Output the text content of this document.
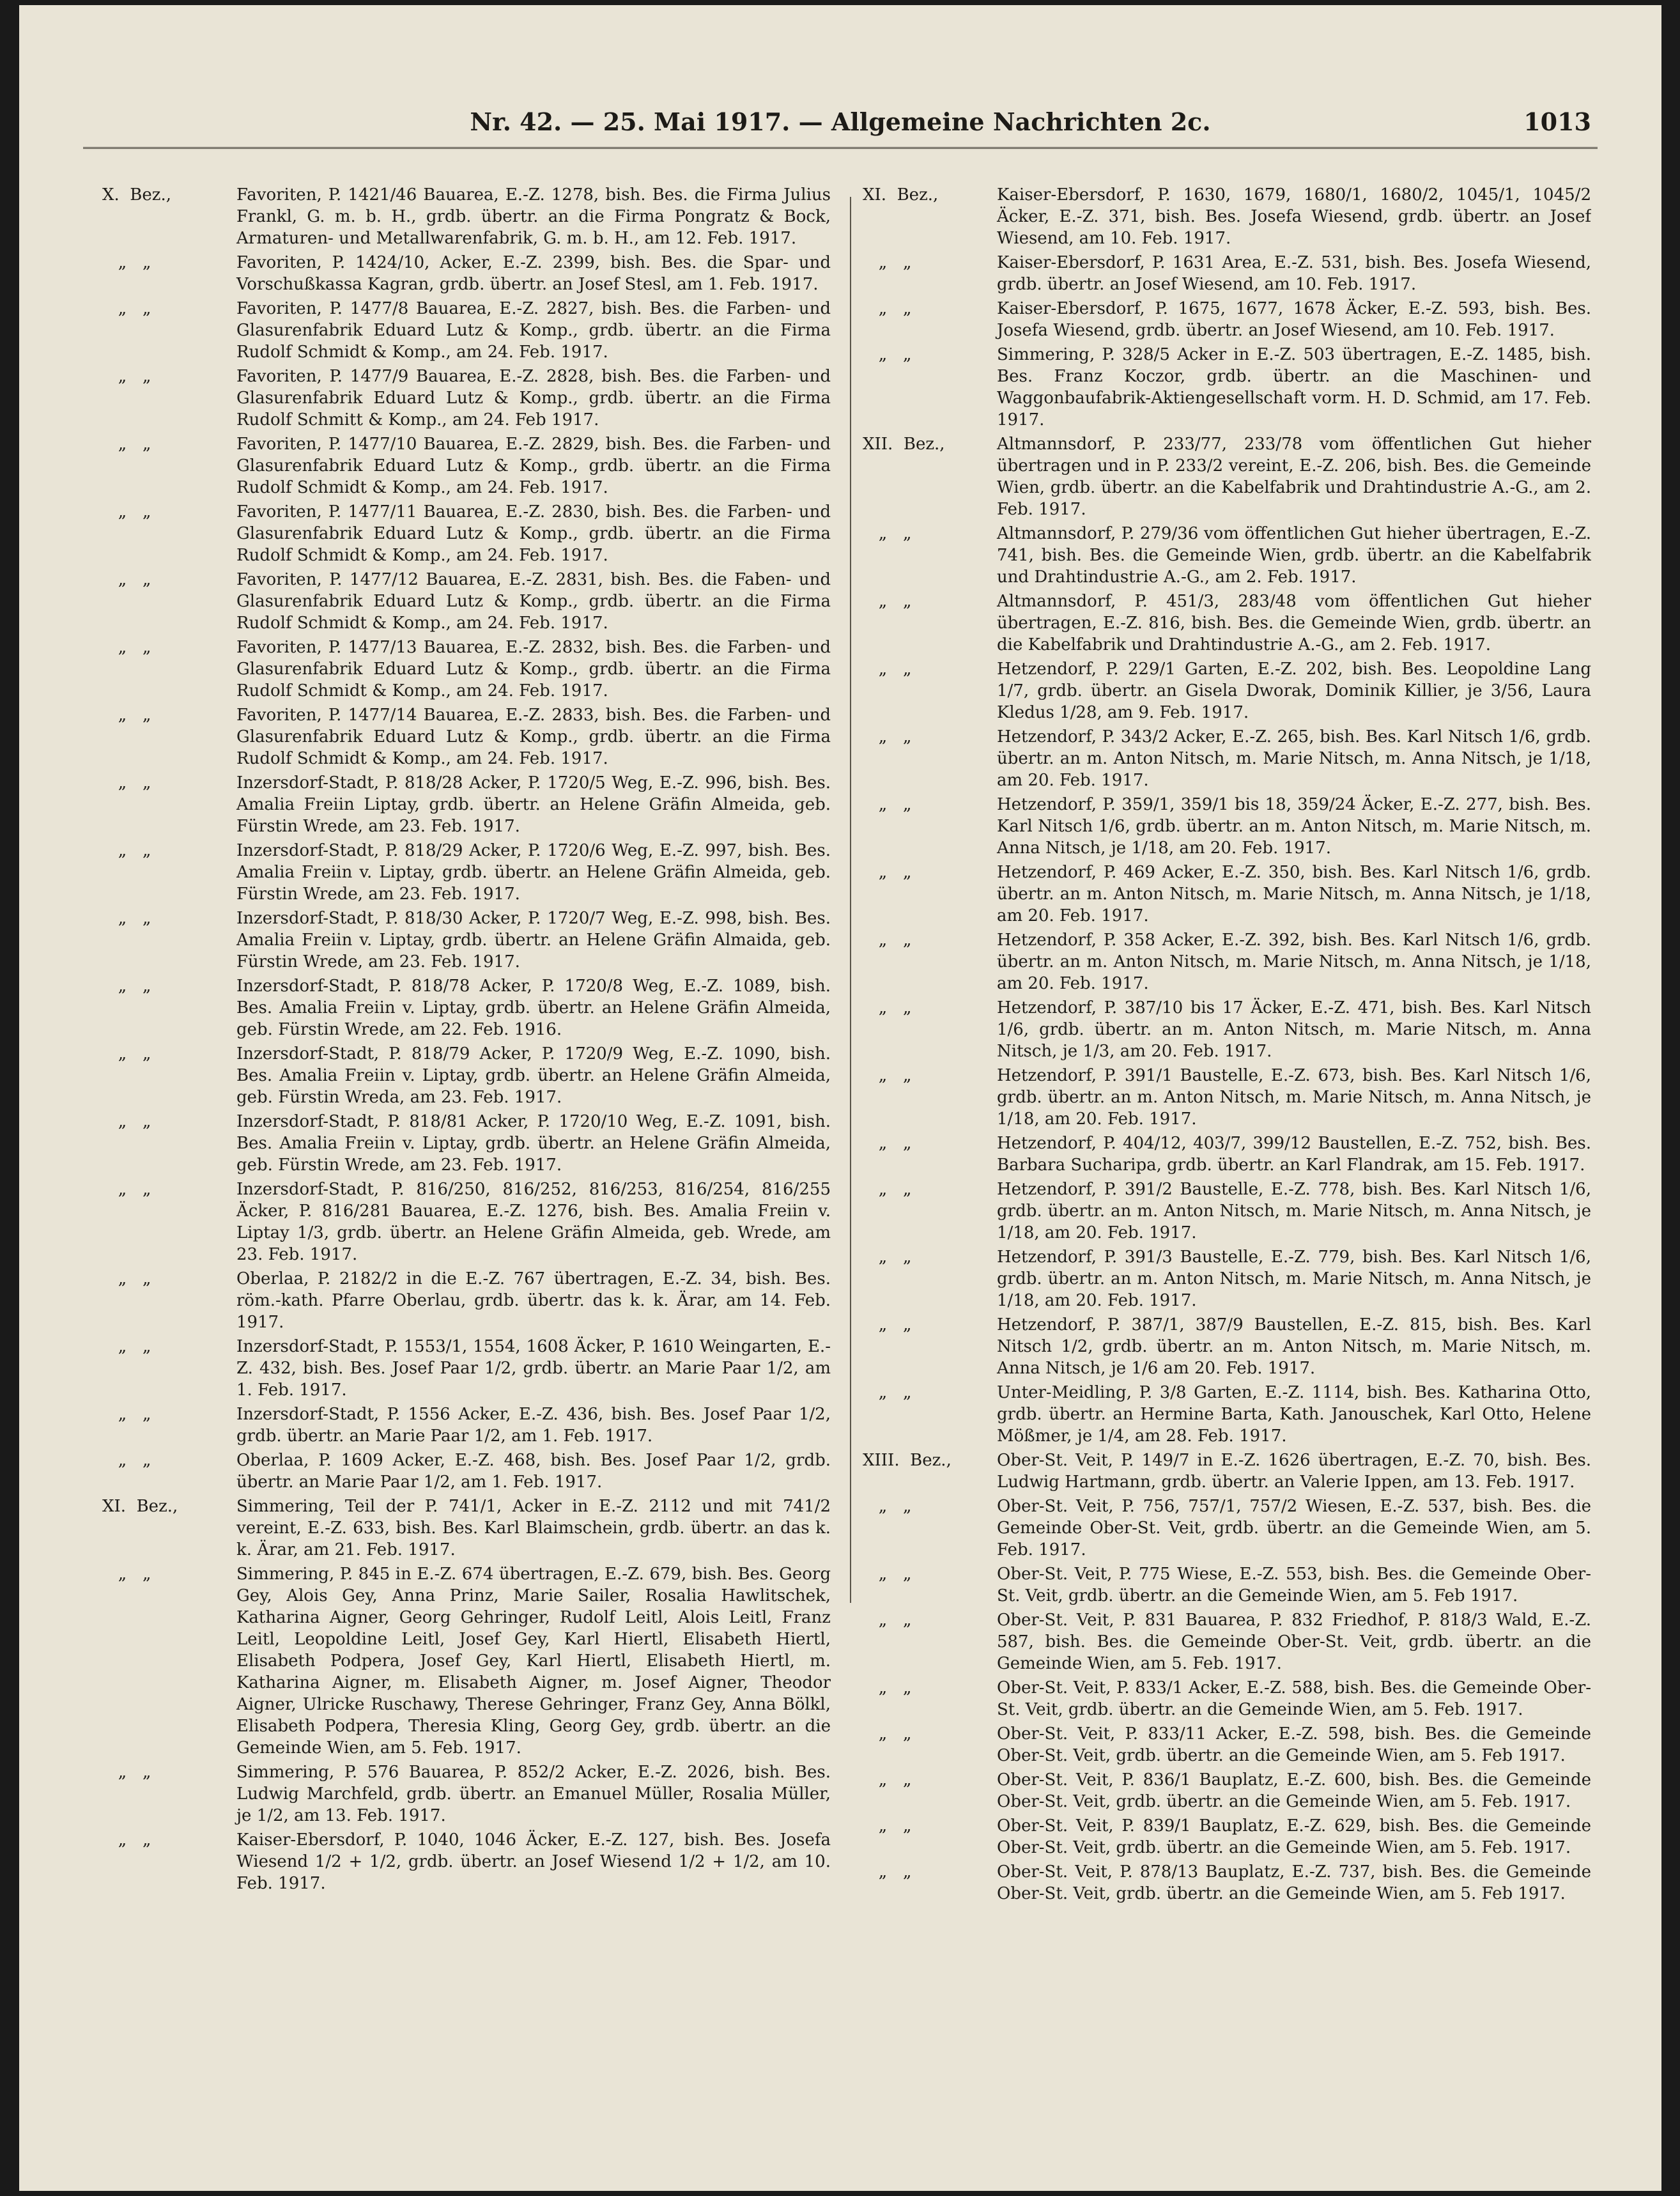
Nr. 42. — 25. Mai 1917. — Allgemeine Nachrichten 2c.	1013
X.  Bez.,	Favoriten, P. 1421/46 Bauarea, E.-Z. 1278, bish. Bes. die Firma Julius Frankl, G. m. b. H., grdb. übertr. an die Firma Pongratz & Bock, Armaturen- und Metallwarenfabrik, G. m. b. H., am 12. Feb. 1917.
„   „	Favoriten, P. 1424/10, Acker, E.-Z. 2399, bish. Bes. die Spar- und Vorschußkassa Kagran, grdb. übertr. an Josef Stesl, am 1. Feb. 1917.
„   „	Favoriten, P. 1477/8 Bauarea, E.-Z. 2827, bish. Bes. die Farben- und Glasurenfabrik Eduard Lutz & Komp., grdb. übertr. an die Firma Rudolf Schmidt & Komp., am 24. Feb. 1917.
„   „	Favoriten, P. 1477/9 Bauarea, E.-Z. 2828, bish. Bes. die Farben- und Glasurenfabrik Eduard Lutz & Komp., grdb. übertr. an die Firma Rudolf Schmitt & Komp., am 24. Feb 1917.
„   „	Favoriten, P. 1477/10 Bauarea, E.-Z. 2829, bish. Bes. die Farben- und Glasurenfabrik Eduard Lutz & Komp., grdb. übertr. an die Firma Rudolf Schmidt & Komp., am 24. Feb. 1917.
„   „	Favoriten, P. 1477/11 Bauarea, E.-Z. 2830, bish. Bes. die Farben- und Glasurenfabrik Eduard Lutz & Komp., grdb. übertr. an die Firma Rudolf Schmidt & Komp., am 24. Feb. 1917.
„   „	Favoriten, P. 1477/12 Bauarea, E.-Z. 2831, bish. Bes. die Faben- und Glasurenfabrik Eduard Lutz & Komp., grdb. übertr. an die Firma Rudolf Schmidt & Komp., am 24. Feb. 1917.
„   „	Favoriten, P. 1477/13 Bauarea, E.-Z. 2832, bish. Bes. die Farben- und Glasurenfabrik Eduard Lutz & Komp., grdb. übertr. an die Firma Rudolf Schmidt & Komp., am 24. Feb. 1917.
„   „	Favoriten, P. 1477/14 Bauarea, E.-Z. 2833, bish. Bes. die Farben- und Glasurenfabrik Eduard Lutz & Komp., grdb. übertr. an die Firma Rudolf Schmidt & Komp., am 24. Feb. 1917.
„   „	Inzersdorf-Stadt, P. 818/28 Acker, P. 1720/5 Weg, E.-Z. 996, bish. Bes. Amalia Freiin Liptay, grdb. übertr. an Helene Gräfin Almeida, geb. Fürstin Wrede, am 23. Feb. 1917.
„   „	Inzersdorf-Stadt, P. 818/29 Acker, P. 1720/6 Weg, E.-Z. 997, bish. Bes. Amalia Freiin v. Liptay, grdb. übertr. an Helene Gräfin Almeida, geb. Fürstin Wrede, am 23. Feb. 1917.
„   „	Inzersdorf-Stadt, P. 818/30 Acker, P. 1720/7 Weg, E.-Z. 998, bish. Bes. Amalia Freiin v. Liptay, grdb. übertr. an Helene Gräfin Almaida, geb. Fürstin Wrede, am 23. Feb. 1917.
„   „	Inzersdorf-Stadt, P. 818/78 Acker, P. 1720/8 Weg, E.-Z. 1089, bish. Bes. Amalia Freiin v. Liptay, grdb. übertr. an Helene Gräfin Almeida, geb. Fürstin Wrede, am 22. Feb. 1916.
„   „	Inzersdorf-Stadt, P. 818/79 Acker, P. 1720/9 Weg, E.-Z. 1090, bish. Bes. Amalia Freiin v. Liptay, grdb. übertr. an Helene Gräfin Almeida, geb. Fürstin Wreda, am 23. Feb. 1917.
„   „	Inzersdorf-Stadt, P. 818/81 Acker, P. 1720/10 Weg, E.-Z. 1091, bish. Bes. Amalia Freiin v. Liptay, grdb. übertr. an Helene Gräfin Almeida, geb. Fürstin Wrede, am 23. Feb. 1917.
„   „	Inzersdorf-Stadt, P. 816/250, 816/252, 816/253, 816/254, 816/255 Äcker, P. 816/281 Bauarea, E.-Z. 1276, bish. Bes. Amalia Freiin v. Liptay 1/3, grdb. übertr. an Helene Gräfin Almeida, geb. Wrede, am 23. Feb. 1917.
„   „	Oberlaa, P. 2182/2 in die E.-Z. 767 übertragen, E.-Z. 34, bish. Bes. röm.-kath. Pfarre Oberlau, grdb. übertr. das k. k. Ärar, am 14. Feb. 1917.
„   „	Inzersdorf-Stadt, P. 1553/1, 1554, 1608 Äcker, P. 1610 Weingarten, E.-Z. 432, bish. Bes. Josef Paar 1/2, grdb. übertr. an Marie Paar 1/2, am 1. Feb. 1917.
„   „	Inzersdorf-Stadt, P. 1556 Acker, E.-Z. 436, bish. Bes. Josef Paar 1/2, grdb. übertr. an Marie Paar 1/2, am 1. Feb. 1917.
„   „	Oberlaa, P. 1609 Acker, E.-Z. 468, bish. Bes. Josef Paar 1/2, grdb. übertr. an Marie Paar 1/2, am 1. Feb. 1917.
XI.  Bez.,	Simmering, Teil der P. 741/1, Acker in E.-Z. 2112 und mit 741/2 vereint, E.-Z. 633, bish. Bes. Karl Blaimschein, grdb. übertr. an das k. k. Ärar, am 21. Feb. 1917.
„   „	Simmering, P. 845 in E.-Z. 674 übertragen, E.-Z. 679, bish. Bes. Georg Gey, Alois Gey, Anna Prinz, Marie Sailer, Rosalia Hawlitschek, Katharina Aigner, Georg Gehringer, Rudolf Leitl, Alois Leitl, Franz Leitl, Leopoldine Leitl, Josef Gey, Karl Hiertl, Elisabeth Hiertl, Elisabeth Podpera, Josef Gey, Karl Hiertl, Elisabeth Hiertl, m. Katharina Aigner, m. Elisabeth Aigner, m. Josef Aigner, Theodor Aigner, Ulricke Ruschawy, Therese Gehringer, Franz Gey, Anna Bölkl, Elisabeth Podpera, Theresia Kling, Georg Gey, grdb. übertr. an die Gemeinde Wien, am 5. Feb. 1917.
„   „	Simmering, P. 576 Bauarea, P. 852/2 Acker, E.-Z. 2026, bish. Bes. Ludwig Marchfeld, grdb. übertr. an Emanuel Müller, Rosalia Müller, je 1/2, am 13. Feb. 1917.
„   „	Kaiser-Ebersdorf, P. 1040, 1046 Äcker, E.-Z. 127, bish. Bes. Josefa Wiesend 1/2 + 1/2, grdb. übertr. an Josef Wiesend 1/2 + 1/2, am 10. Feb. 1917.
XI.  Bez.,	Kaiser-Ebersdorf, P. 1630, 1679, 1680/1, 1680/2, 1045/1, 1045/2 Äcker, E.-Z. 371, bish. Bes. Josefa Wiesend, grdb. übertr. an Josef Wiesend, am 10. Feb. 1917.
„   „	Kaiser-Ebersdorf, P. 1631 Area, E.-Z. 531, bish. Bes. Josefa Wiesend, grdb. übertr. an Josef Wiesend, am 10. Feb. 1917.
„   „	Kaiser-Ebersdorf, P. 1675, 1677, 1678 Äcker, E.-Z. 593, bish. Bes. Josefa Wiesend, grdb. übertr. an Josef Wiesend, am 10. Feb. 1917.
„   „	Simmering, P. 328/5 Acker in E.-Z. 503 übertragen, E.-Z. 1485, bish. Bes. Franz Koczor, grdb. übertr. an die Maschinen- und Waggonbaufabrik-Aktiengesellschaft vorm. H. D. Schmid, am 17. Feb. 1917.
XII.  Bez.,	Altmannsdorf, P. 233/77, 233/78 vom öffentlichen Gut hieher übertragen und in P. 233/2 vereint, E.-Z. 206, bish. Bes. die Gemeinde Wien, grdb. übertr. an die Kabelfabrik und Drahtindustrie A.-G., am 2. Feb. 1917.
„   „	Altmannsdorf, P. 279/36 vom öffentlichen Gut hieher übertragen, E.-Z. 741, bish. Bes. die Gemeinde Wien, grdb. übertr. an die Kabelfabrik und Drahtindustrie A.-G., am 2. Feb. 1917.
„   „	Altmannsdorf, P. 451/3, 283/48 vom öffentlichen Gut hieher übertragen, E.-Z. 816, bish. Bes. die Gemeinde Wien, grdb. übertr. an die Kabelfabrik und Drahtindustrie A.-G., am 2. Feb. 1917.
„   „	Hetzendorf, P. 229/1 Garten, E.-Z. 202, bish. Bes. Leopoldine Lang 1/7, grdb. übertr. an Gisela Dworak, Dominik Killier, je 3/56, Laura Kledus 1/28, am 9. Feb. 1917.
„   „	Hetzendorf, P. 343/2 Acker, E.-Z. 265, bish. Bes. Karl Nitsch 1/6, grdb. übertr. an m. Anton Nitsch, m. Marie Nitsch, m. Anna Nitsch, je 1/18, am 20. Feb. 1917.
„   „	Hetzendorf, P. 359/1, 359/1 bis 18, 359/24 Äcker, E.-Z. 277, bish. Bes. Karl Nitsch 1/6, grdb. übertr. an m. Anton Nitsch, m. Marie Nitsch, m. Anna Nitsch, je 1/18, am 20. Feb. 1917.
„   „	Hetzendorf, P. 469 Acker, E.-Z. 350, bish. Bes. Karl Nitsch 1/6, grdb. übertr. an m. Anton Nitsch, m. Marie Nitsch, m. Anna Nitsch, je 1/18, am 20. Feb. 1917.
„   „	Hetzendorf, P. 358 Acker, E.-Z. 392, bish. Bes. Karl Nitsch 1/6, grdb. übertr. an m. Anton Nitsch, m. Marie Nitsch, m. Anna Nitsch, je 1/18, am 20. Feb. 1917.
„   „	Hetzendorf, P. 387/10 bis 17 Äcker, E.-Z. 471, bish. Bes. Karl Nitsch 1/6, grdb. übertr. an m. Anton Nitsch, m. Marie Nitsch, m. Anna Nitsch, je 1/3, am 20. Feb. 1917.
„   „	Hetzendorf, P. 391/1 Baustelle, E.-Z. 673, bish. Bes. Karl Nitsch 1/6, grdb. übertr. an m. Anton Nitsch, m. Marie Nitsch, m. Anna Nitsch, je 1/18, am 20. Feb. 1917.
„   „	Hetzendorf, P. 404/12, 403/7, 399/12 Baustellen, E.-Z. 752, bish. Bes. Barbara Sucharipa, grdb. übertr. an Karl Flandrak, am 15. Feb. 1917.
„   „	Hetzendorf, P. 391/2 Baustelle, E.-Z. 778, bish. Bes. Karl Nitsch 1/6, grdb. übertr. an m. Anton Nitsch, m. Marie Nitsch, m. Anna Nitsch, je 1/18, am 20. Feb. 1917.
„   „	Hetzendorf, P. 391/3 Baustelle, E.-Z. 779, bish. Bes. Karl Nitsch 1/6, grdb. übertr. an m. Anton Nitsch, m. Marie Nitsch, m. Anna Nitsch, je 1/18, am 20. Feb. 1917.
„   „	Hetzendorf, P. 387/1, 387/9 Baustellen, E.-Z. 815, bish. Bes. Karl Nitsch 1/2, grdb. übertr. an m. Anton Nitsch, m. Marie Nitsch, m. Anna Nitsch, je 1/6 am 20. Feb. 1917.
„   „	Unter-Meidling, P. 3/8 Garten, E.-Z. 1114, bish. Bes. Katharina Otto, grdb. übertr. an Hermine Barta, Kath. Janouschek, Karl Otto, Helene Mößmer, je 1/4, am 28. Feb. 1917.
XIII.  Bez.,	Ober-St. Veit, P. 149/7 in E.-Z. 1626 übertragen, E.-Z. 70, bish. Bes. Ludwig Hartmann, grdb. übertr. an Valerie Ippen, am 13. Feb. 1917.
„   „	Ober-St. Veit, P. 756, 757/1, 757/2 Wiesen, E.-Z. 537, bish. Bes. die Gemeinde Ober-St. Veit, grdb. übertr. an die Gemeinde Wien, am 5. Feb. 1917.
„   „	Ober-St. Veit, P. 775 Wiese, E.-Z. 553, bish. Bes. die Gemeinde Ober-St. Veit, grdb. übertr. an die Gemeinde Wien, am 5. Feb 1917.
„   „	Ober-St. Veit, P. 831 Bauarea, P. 832 Friedhof, P. 818/3 Wald, E.-Z. 587, bish. Bes. die Gemeinde Ober-St. Veit, grdb. übertr. an die Gemeinde Wien, am 5. Feb. 1917.
„   „	Ober-St. Veit, P. 833/1 Acker, E.-Z. 588, bish. Bes. die Gemeinde Ober-St. Veit, grdb. übertr. an die Gemeinde Wien, am 5. Feb. 1917.
„   „	Ober-St. Veit, P. 833/11 Acker, E.-Z. 598, bish. Bes. die Gemeinde Ober-St. Veit, grdb. übertr. an die Gemeinde Wien, am 5. Feb 1917.
„   „	Ober-St. Veit, P. 836/1 Bauplatz, E.-Z. 600, bish. Bes. die Gemeinde Ober-St. Veit, grdb. übertr. an die Gemeinde Wien, am 5. Feb. 1917.
„   „	Ober-St. Veit, P. 839/1 Bauplatz, E.-Z. 629, bish. Bes. die Gemeinde Ober-St. Veit, grdb. übertr. an die Gemeinde Wien, am 5. Feb. 1917.
„   „	Ober-St. Veit, P. 878/13 Bauplatz, E.-Z. 737, bish. Bes. die Gemeinde Ober-St. Veit, grdb. übertr. an die Gemeinde Wien, am 5. Feb 1917.
